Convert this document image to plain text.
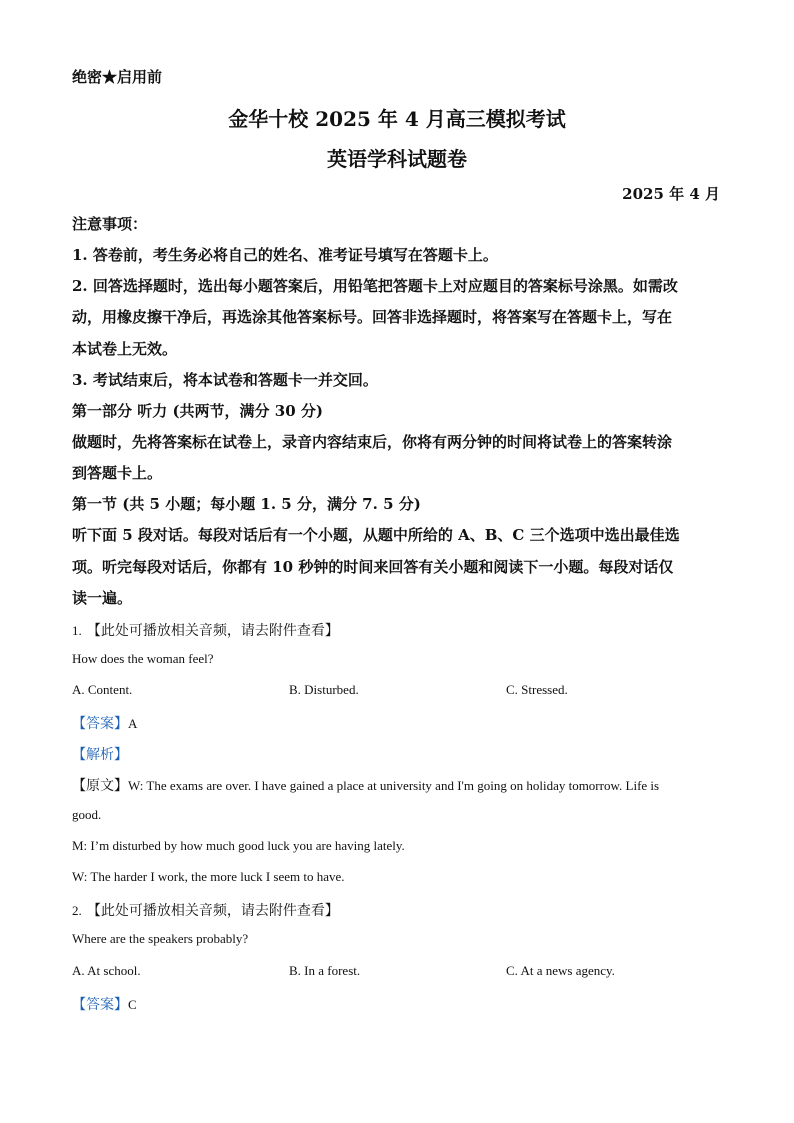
绝密★启用前
金华十校 2025 年 4 月高三模拟考试
英语学科试题卷
2025 年 4 月
注意事项：
1. 答卷前，考生务必将自己的姓名、准考证号填写在答题卡上。
2. 回答选择题时，选出每小题答案后，用铅笔把答题卡上对应题目的答案标号涂黑。如需改
动，用橡皮擦干净后，再选涂其他答案标号。回答非选择题时，将答案写在答题卡上，写在
本试卷上无效。
3. 考试结束后，将本试卷和答题卡一并交回。
第一部分 听力 (共两节，满分 30 分)
做题时，先将答案标在试卷上，录音内容结束后，你将有两分钟的时间将试卷上的答案转涂
到答题卡上。
第一节 (共 5 小题；每小题 1. 5 分，满分 7. 5 分)
听下面 5 段对话。每段对话后有一个小题，从题中所给的 A、B、C 三个选项中选出最佳选
项。听完每段对话后，你都有 10 秒钟的时间来回答有关小题和阅读下一小题。每段对话仅
读一遍。
1. 【此处可播放相关音频，请去附件查看】
How does the woman feel?
A. Content.	B. Disturbed.	C. Stressed.
【答案】A
【解析】
【原文】W: The exams are over. I have gained a place at university and I'm going on holiday tomorrow. Life is
good.
M: I’m disturbed by how much good luck you are having lately.
W: The harder I work, the more luck I seem to have.
2. 【此处可播放相关音频，请去附件查看】
Where are the speakers probably?
A. At school.	B. In a forest.	C. At a news agency.
【答案】C
